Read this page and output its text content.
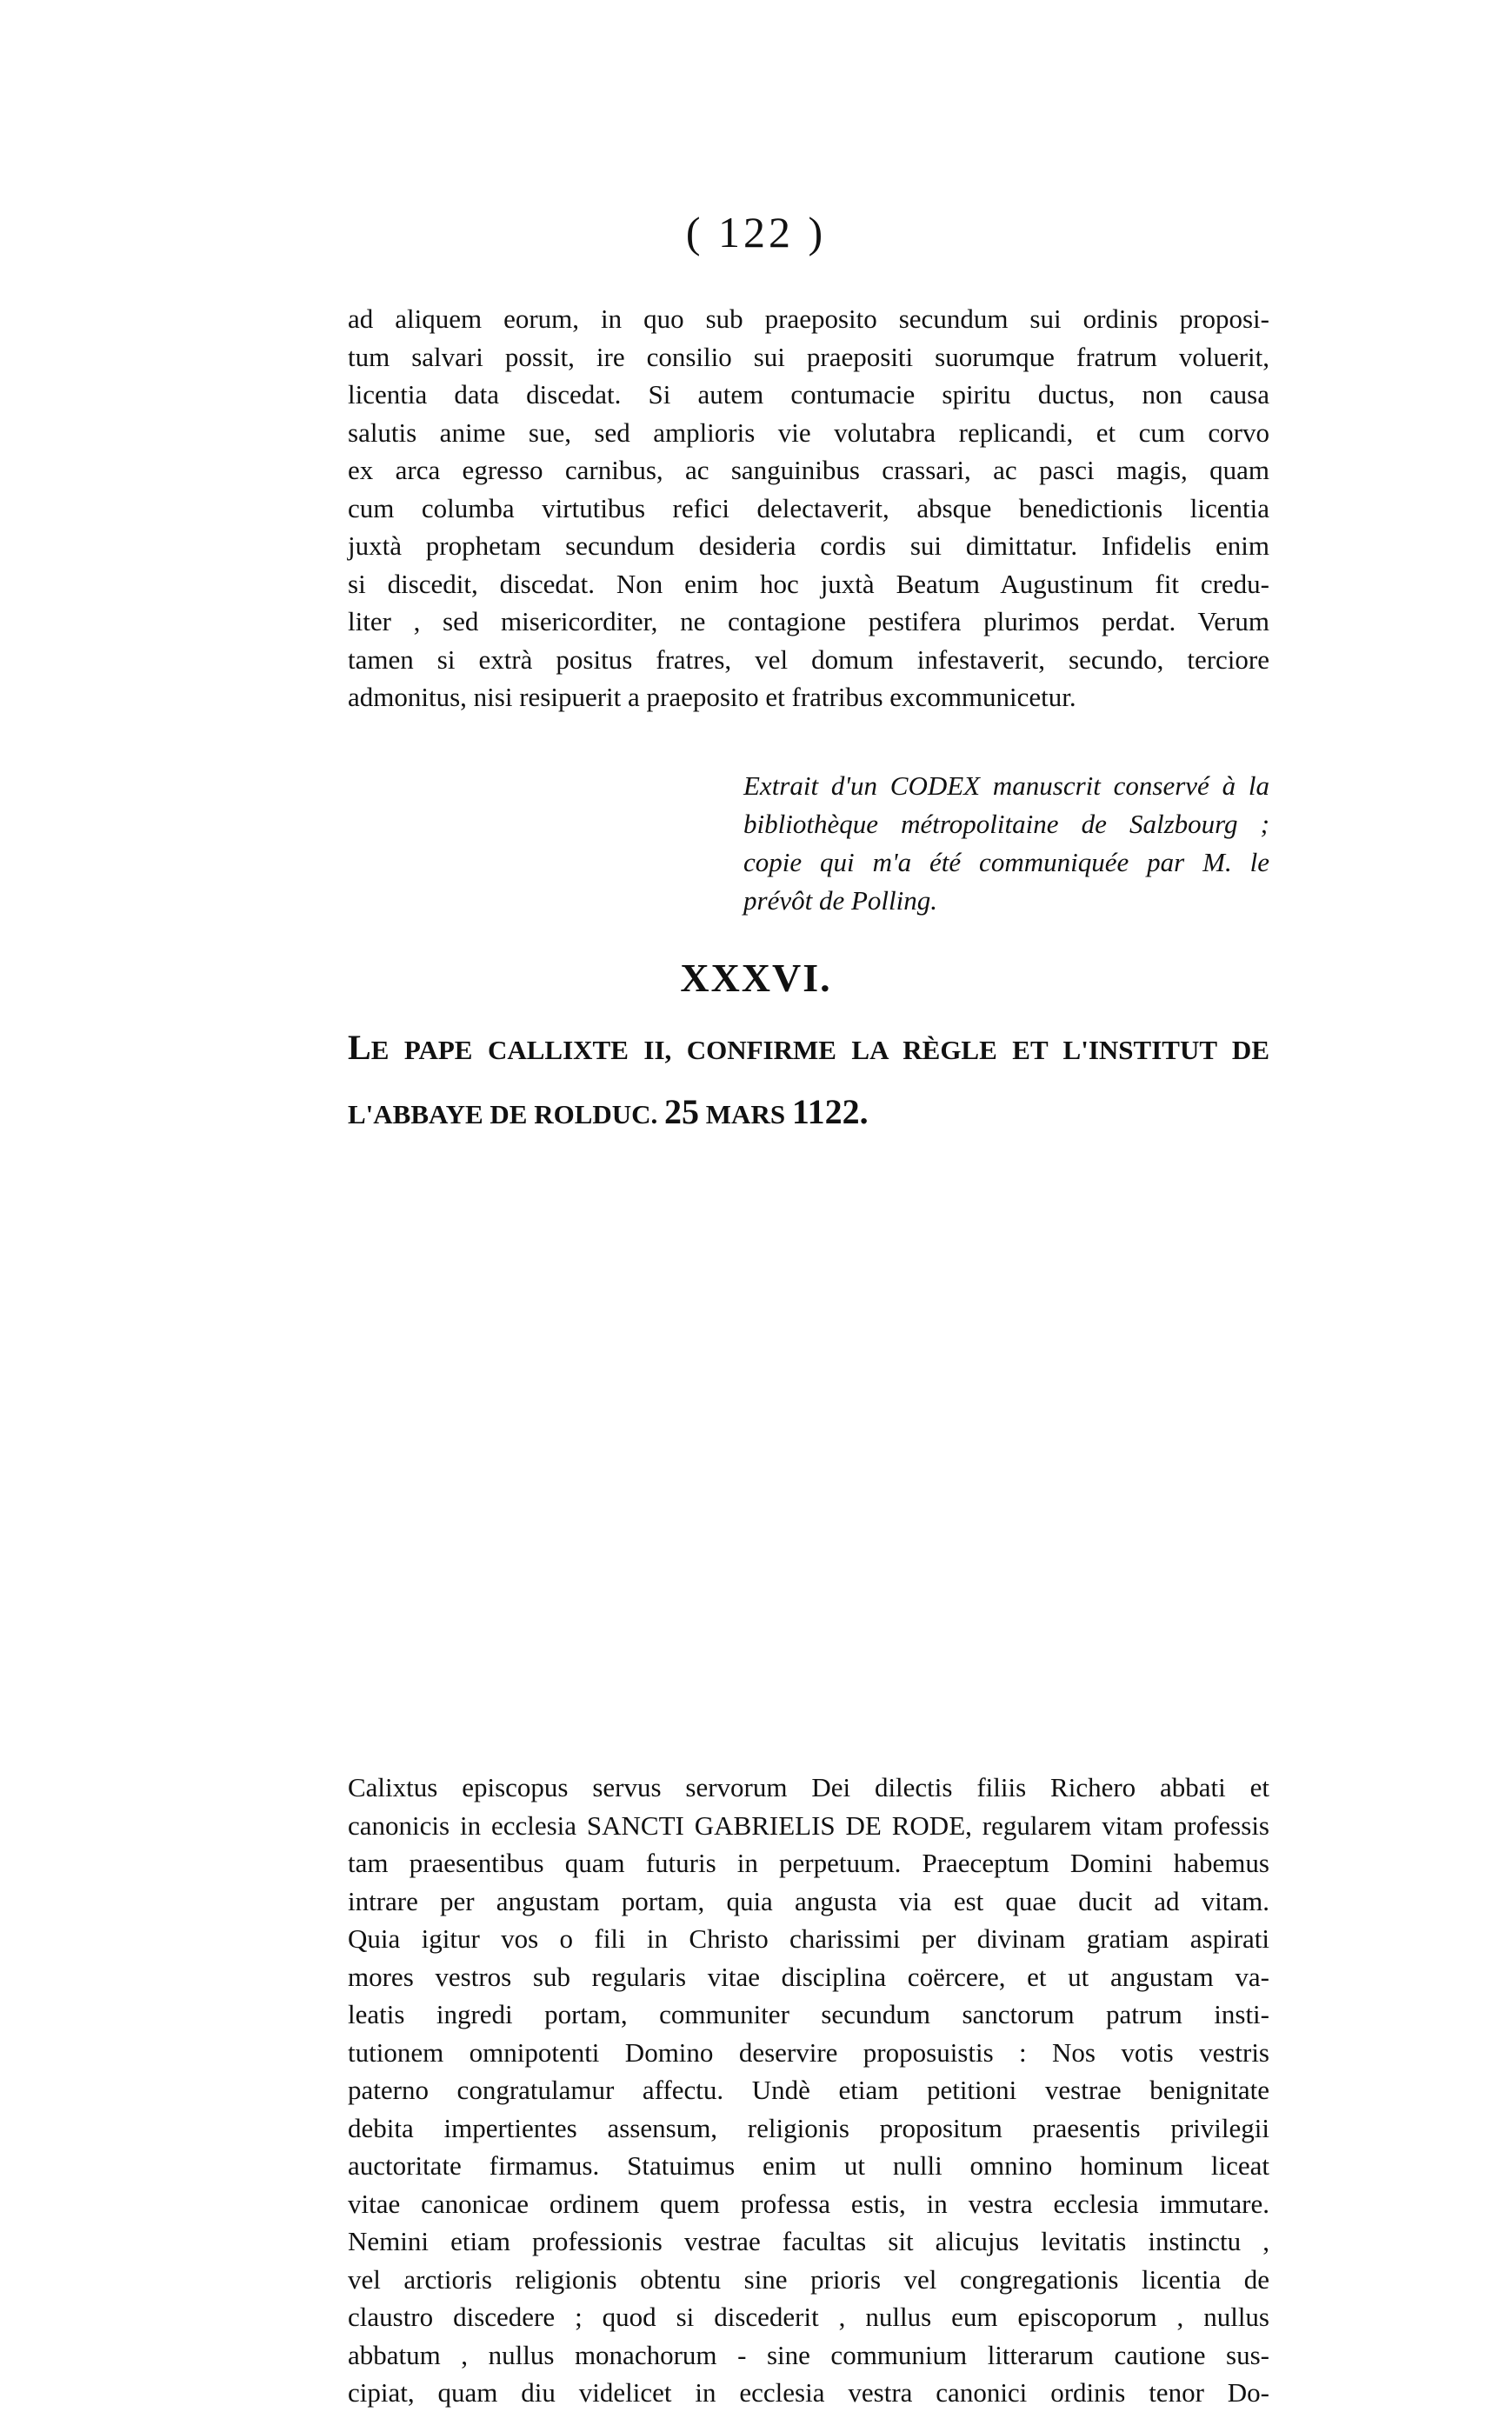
( 122 )
ad aliquem eorum, in quo sub praeposito secundum sui ordinis proposi-
tum salvari possit, ire consilio sui praepositi suorumque fratrum voluerit,
licentia data discedat. Si autem contumacie spiritu ductus, non causa
salutis anime sue, sed amplioris vie volutabra replicandi, et cum corvo
ex arca egresso carnibus, ac sanguinibus crassari, ac pasci magis, quam
cum columba virtutibus refici delectaverit, absque benedictionis licentia
juxtà prophetam secundum desideria cordis sui dimittatur. Infidelis enim
si discedit, discedat. Non enim hoc juxtà Beatum Augustinum fit credu-
liter , sed misericorditer, ne contagione pestifera plurimos perdat. Verum
tamen si extrà positus fratres, vel domum infestaverit, secundo, terciore
admonitus, nisi resipuerit a praeposito et fratribus excommunicetur.
Extrait d'un CODEX manuscrit conservé à la
bibliothèque métropolitaine de Salzbourg ;
copie qui m'a été communiquée par M. le
prévôt de Polling.
XXXVI.
LE PAPE CALLIXTE II, CONFIRME LA RÈGLE ET L'INSTITUT DE
L'ABBAYE DE ROLDUC. 25 MARS 1122.
Calixtus episcopus servus servorum Dei dilectis filiis Richero abbati et
canonicis in ecclesia SANCTI GABRIELIS DE RODE, regularem vitam professis
tam praesentibus quam futuris in perpetuum. Praeceptum Domini habemus
intrare per angustam portam, quia angusta via est quae ducit ad vitam.
Quia igitur vos o fili in Christo charissimi per divinam gratiam aspirati
mores vestros sub regularis vitae disciplina coërcere, et ut angustam va-
leatis ingredi portam, communiter secundum sanctorum patrum insti-
tutionem omnipotenti Domino deservire proposuistis : Nos votis vestris
paterno congratulamur affectu. Undè etiam petitioni vestrae benignitate
debita impertientes assensum, religionis propositum praesentis privilegii
auctoritate firmamus. Statuimus enim ut nulli omnino hominum liceat
vitae canonicae ordinem quem professa estis, in vestra ecclesia immutare.
Nemini etiam professionis vestrae facultas sit alicujus levitatis instinctu ,
vel arctioris religionis obtentu sine prioris vel congregationis licentia de
claustro discedere ; quod si discederit , nullus eum episcoporum , nullus
abbatum , nullus monachorum - sine communium litterarum cautione sus-
cipiat, quam diu videlicet in ecclesia vestra canonici ordinis tenor Do-
